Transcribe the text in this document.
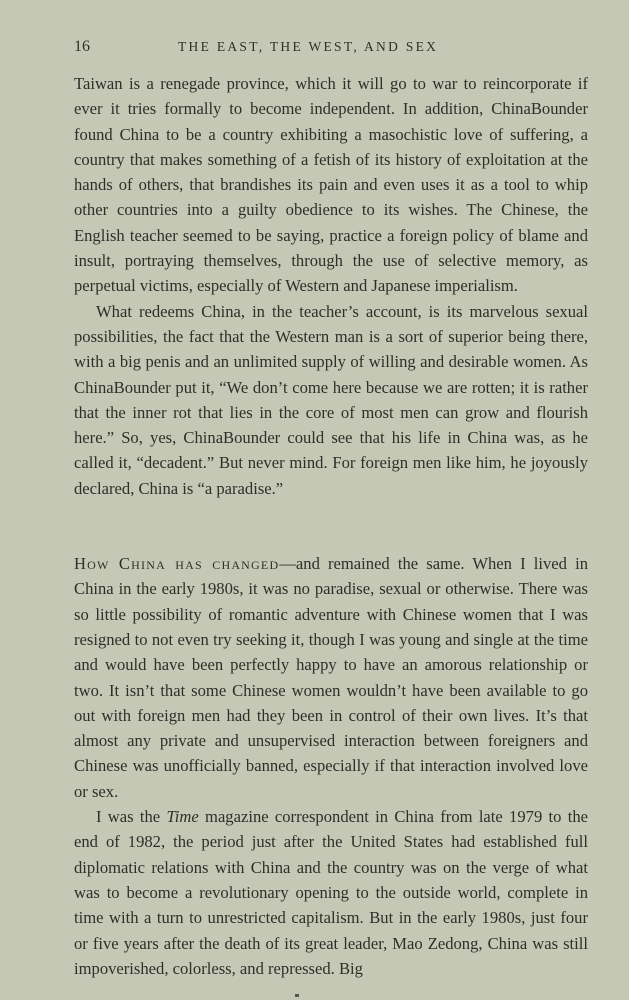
16	THE EAST, THE WEST, AND SEX

Taiwan is a renegade province, which it will go to war to reincorporate if ever it tries formally to become independent. In addition, ChinaBounder found China to be a country exhibiting a masochistic love of suffering, a country that makes something of a fetish of its history of exploitation at the hands of others, that brandishes its pain and even uses it as a tool to whip other countries into a guilty obedience to its wishes. The Chinese, the English teacher seemed to be saying, practice a foreign policy of blame and insult, portraying themselves, through the use of selective memory, as perpetual victims, especially of Western and Japanese imperialism.

What redeems China, in the teacher’s account, is its marvelous sexual possibilities, the fact that the Western man is a sort of superior being there, with a big penis and an unlimited supply of willing and desirable women. As ChinaBounder put it, “We don’t come here because we are rotten; it is rather that the inner rot that lies in the core of most men can grow and flourish here.” So, yes, ChinaBounder could see that his life in China was, as he called it, “decadent.” But never mind. For foreign men like him, he joyously declared, China is “a paradise.”

How China has changed—and remained the same. When I lived in China in the early 1980s, it was no paradise, sexual or otherwise. There was so little possibility of romantic adventure with Chinese women that I was resigned to not even try seeking it, though I was young and single at the time and would have been perfectly happy to have an amorous relationship or two. It isn’t that some Chinese women wouldn’t have been available to go out with foreign men had they been in control of their own lives. It’s that almost any private and unsupervised interaction between foreigners and Chinese was unofficially banned, especially if that interaction involved love or sex.

I was the Time magazine correspondent in China from late 1979 to the end of 1982, the period just after the United States had established full diplomatic relations with China and the country was on the verge of what was to become a revolutionary opening to the outside world, complete in time with a turn to unrestricted capitalism. But in the early 1980s, just four or five years after the death of its great leader, Mao Zedong, China was still impoverished, colorless, and repressed. Big
